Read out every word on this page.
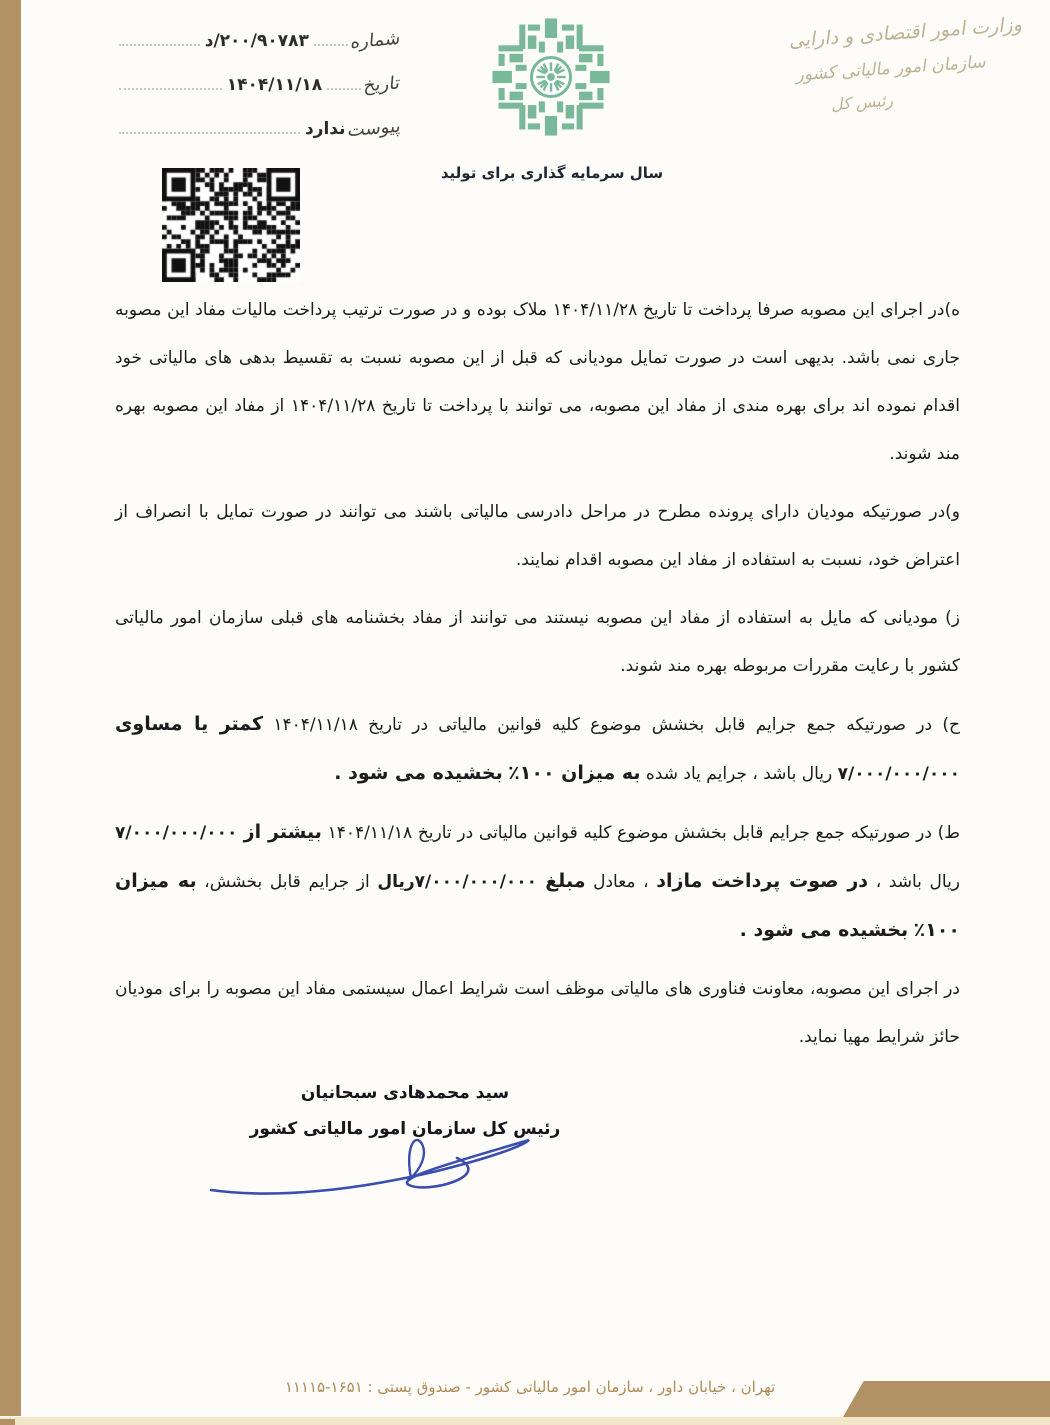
وزارت امور اقتصادی و دارایی
سازمان امور مالیاتی کشور
رئیس کل
سال سرمایه گذاری برای تولید
شماره
۲۰۰/۹۰۷۸۳/د
تاریخ
۱۴۰۴/۱۱/۱۸
پیوست
ندارد

ه)در اجرای این مصوبه صرفا پرداخت تا تاریخ ۱۴۰۴/۱۱/۲۸ ملاک بوده و در صورت ترتیب پرداخت مالیات مفاد این مصوبه جاری نمی باشد. بدیهی است در صورت تمایل مودیانی که قبل از این مصوبه نسبت به تقسیط بدهی های مالیاتی خود اقدام نموده اند برای بهره مندی از مفاد این مصوبه، می توانند با پرداخت تا تاریخ ۱۴۰۴/۱۱/۲۸ از مفاد این مصوبه بهره مند شوند.

و)در صورتیکه مودیان دارای پرونده مطرح در مراحل دادرسی مالیاتی باشند می توانند در صورت تمایل با انصراف از اعتراض خود، نسبت به استفاده از مفاد این مصوبه اقدام نمایند.

ز) مودیانی که مایل به استفاده از مفاد این مصوبه نیستند می توانند از مفاد بخشنامه های قبلی سازمان امور مالیاتی کشور با رعایت مقررات مربوطه بهره مند شوند.

ح) در صورتیکه جمع جرایم قابل بخشش موضوع کلیه قوانین مالیاتی در تاریخ ۱۴۰۴/۱۱/۱۸ کمتر یا مساوی ۷/۰۰۰/۰۰۰/۰۰۰ ریال باشد ، جرایم یاد شده به میزان ۱۰۰٪ بخشیده می شود .

ط) در صورتیکه جمع جرایم قابل بخشش موضوع کلیه قوانین مالیاتی در تاریخ ۱۴۰۴/۱۱/۱۸ بیشتر از ۷/۰۰۰/۰۰۰/۰۰۰ ریال باشد ، در صوت پرداخت مازاد ، معادل مبلغ ۷/۰۰۰/۰۰۰/۰۰۰ریال از جرایم قابل بخشش، به میزان ۱۰۰٪ بخشیده می شود .

در اجرای این مصوبه، معاونت فناوری های مالیاتی موظف است شرایط اعمال سیستمی مفاد این مصوبه را برای مودیان حائز شرایط مهیا نماید.

سید محمدهادی سبحانیان
رئیس کل سازمان امور مالیاتی کشور
تهران ، خیابان داور ، سازمان امور مالیاتی کشور - صندوق پستی : ۱۶۵۱-۱۱۱۱۵
